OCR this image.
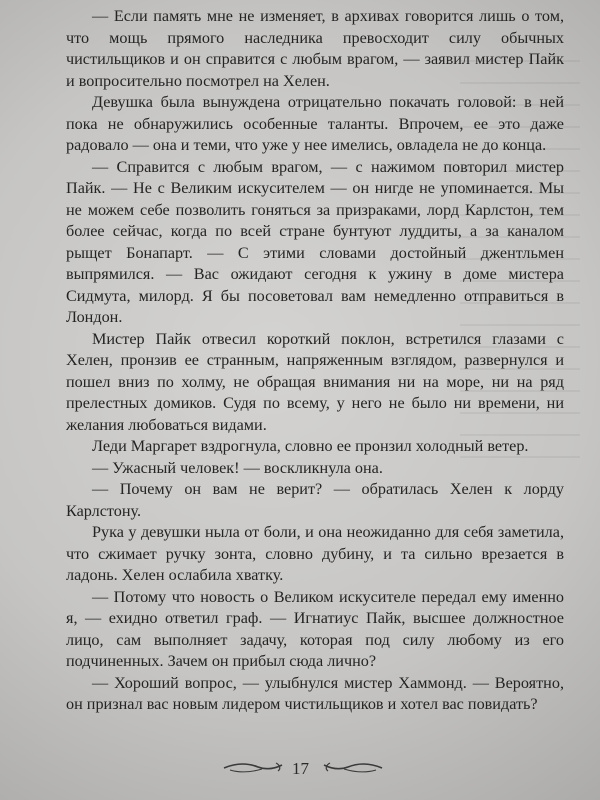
— Если память мне не изменяет, в архивах говорится лишь о том, что мощь прямого наследника превосходит силу обычных чистильщиков и он справится с любым врагом, — заявил мистер Пайк и вопросительно посмотрел на Хелен.

Девушка была вынуждена отрицательно покачать головой: в ней пока не обнаружились особенные таланты. Впрочем, ее это даже радовало — она и теми, что уже у нее имелись, овладела не до конца.

— Справится с любым врагом, — с нажимом повторил мистер Пайк. — Не с Великим искусителем — он нигде не упоминается. Мы не можем себе позволить гоняться за призраками, лорд Карлстон, тем более сейчас, когда по всей стране бунтуют луддиты, а за каналом рыщет Бонапарт. — С этими словами достойный джентльмен выпрямился. — Вас ожидают сегодня к ужину в доме мистера Сидмута, милорд. Я бы посоветовал вам немедленно отправиться в Лондон.

Мистер Пайк отвесил короткий поклон, встретился глазами с Хелен, пронзив ее странным, напряженным взглядом, развернулся и пошел вниз по холму, не обращая внимания ни на море, ни на ряд прелестных домиков. Судя по всему, у него не было ни времени, ни желания любоваться видами.

Леди Маргарет вздрогнула, словно ее пронзил холодный ветер.

— Ужасный человек! — воскликнула она.

— Почему он вам не верит? — обратилась Хелен к лорду Карлстону.

Рука у девушки ныла от боли, и она неожиданно для себя заметила, что сжимает ручку зонта, словно дубину, и та сильно врезается в ладонь. Хелен ослабила хватку.

— Потому что новость о Великом искусителе передал ему именно я, — ехидно ответил граф. — Игнатиус Пайк, высшее должностное лицо, сам выполняет задачу, которая под силу любому из его подчиненных. Зачем он прибыл сюда лично?

— Хороший вопрос, — улыбнулся мистер Хаммонд. — Вероятно, он признал вас новым лидером чистильщиков и хотел вас повидать?

17
